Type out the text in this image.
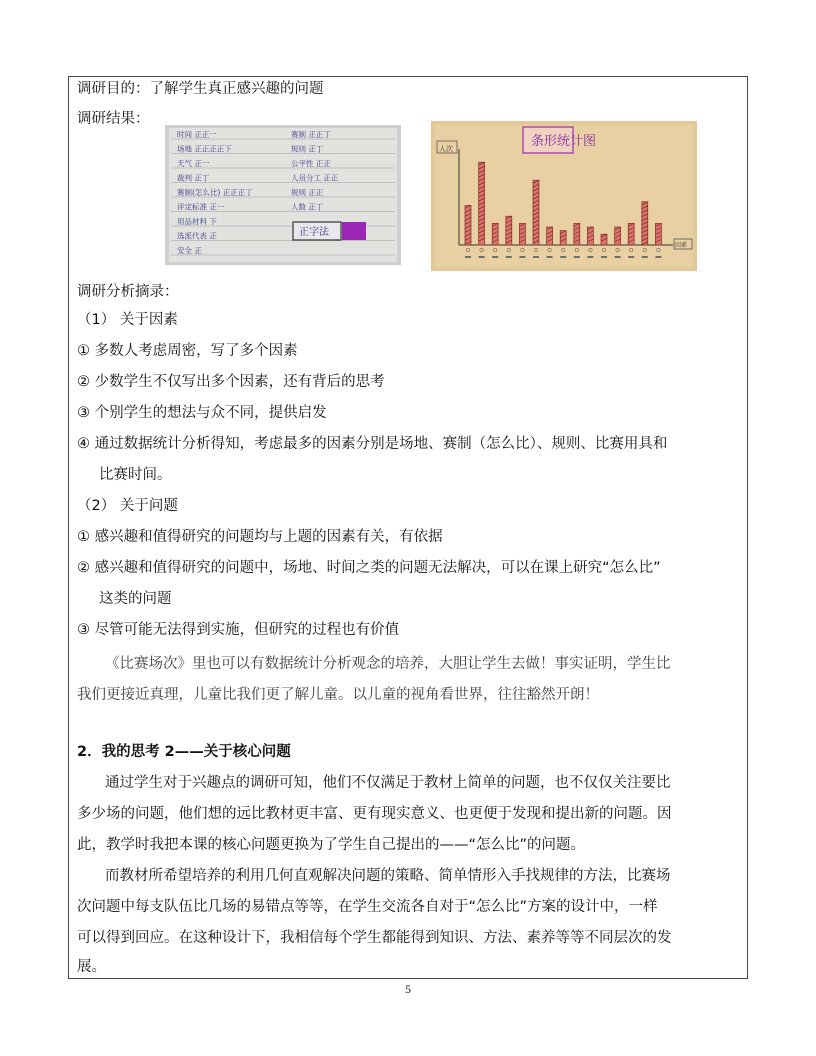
调研目的：了解学生真正感兴趣的问题
调研结果：
时间 正正一	赛制 正正丁
场地 正正正正下	规则 正丁
天气 正一	公平性 正正
裁判 正丁	人员分工 正正
赛制(怎么比) 正正正丁	规则 正正
评定标准 正一	人数 正丁
用品材料 下
选派代表 正
安全 正
正字法
条形统计图
人次
因素
调研分析摘录：
（1） 关于因素
① 多数人考虑周密，写了多个因素
② 少数学生不仅写出多个因素，还有背后的思考
③ 个别学生的想法与众不同，提供启发
④ 通过数据统计分析得知，考虑最多的因素分别是场地、赛制（怎么比）、规则、比赛用具和
比赛时间。
（2） 关于问题
① 感兴趣和值得研究的问题均与上题的因素有关，有依据
② 感兴趣和值得研究的问题中，场地、时间之类的问题无法解决，可以在课上研究“怎么比”
这类的问题
③ 尽管可能无法得到实施，但研究的过程也有价值
《比赛场次》里也可以有数据统计分析观念的培养，大胆让学生去做！事实证明，学生比
我们更接近真理，儿童比我们更了解儿童。以儿童的视角看世界，往往豁然开朗！
2．我的思考 2——关于核心问题
通过学生对于兴趣点的调研可知，他们不仅满足于教材上简单的问题，也不仅仅关注要比
多少场的问题，他们想的远比教材更丰富、更有现实意义、也更便于发现和提出新的问题。因
此，教学时我把本课的核心问题更换为了学生自己提出的——“怎么比”的问题。
而教材所希望培养的利用几何直观解决问题的策略、简单情形入手找规律的方法，比赛场
次问题中每支队伍比几场的易错点等等，在学生交流各自对于“怎么比”方案的设计中，一样
可以得到回应。在这种设计下，我相信每个学生都能得到知识、方法、素养等等不同层次的发
展。
5
